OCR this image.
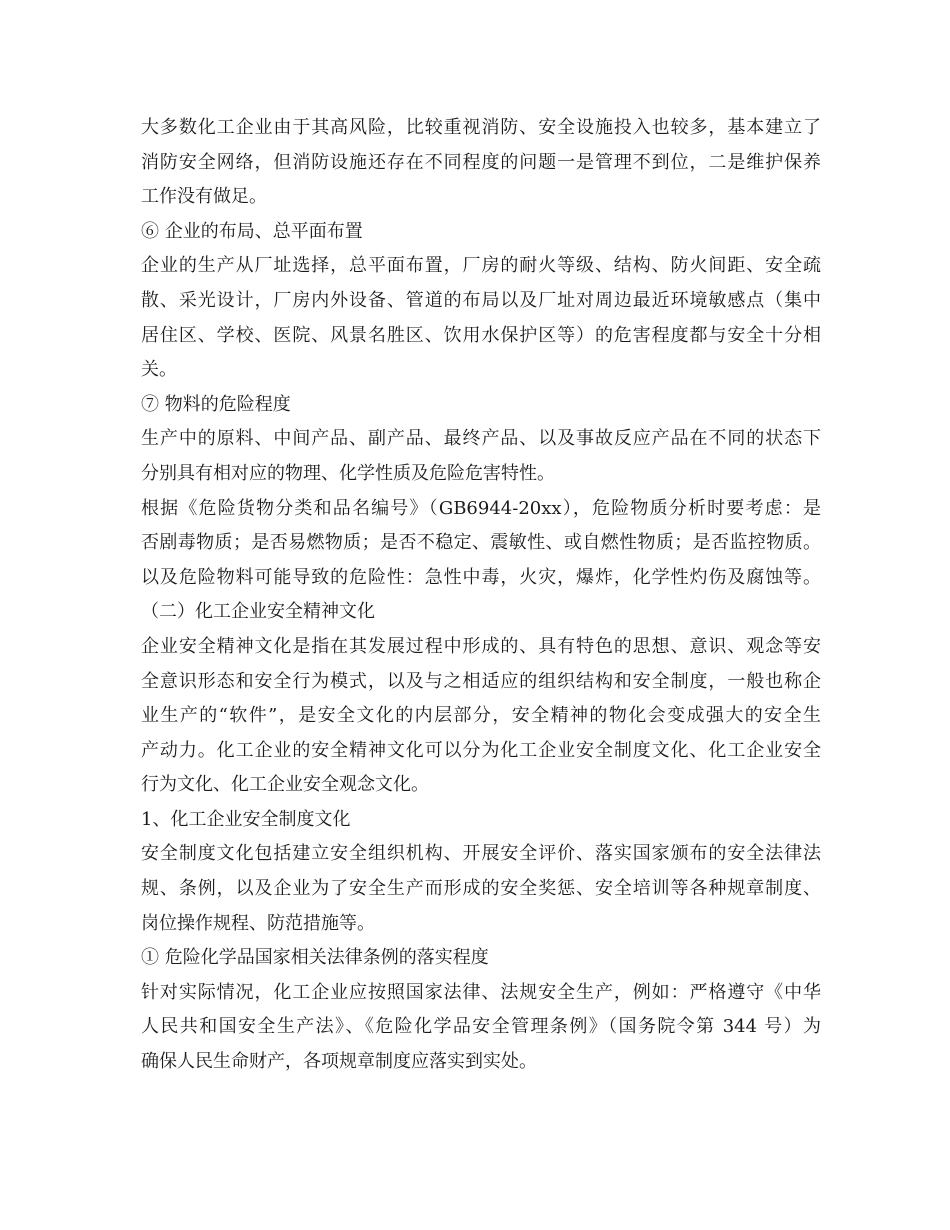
大多数化工企业由于其高风险，比较重视消防、安全设施投入也较多，基本建立了
消防安全网络，但消防设施还存在不同程度的问题一是管理不到位，二是维护保养
工作没有做足。
⑥ 企业的布局、总平面布置
企业的生产从厂址选择，总平面布置，厂房的耐火等级、结构、防火间距、安全疏
散、采光设计，厂房内外设备、管道的布局以及厂址对周边最近环境敏感点（集中
居住区、学校、医院、风景名胜区、饮用水保护区等）的危害程度都与安全十分相
关。
⑦ 物料的危险程度
生产中的原料、中间产品、副产品、最终产品、以及事故反应产品在不同的状态下
分别具有相对应的物理、化学性质及危险危害特性。
根据《危险货物分类和品名编号》（GB6944-20xx），危险物质分析时要考虑：是
否剧毒物质；是否易燃物质；是否不稳定、震敏性、或自燃性物质；是否监控物质。
以及危险物料可能导致的危险性：急性中毒，火灾，爆炸，化学性灼伤及腐蚀等。
（二）化工企业安全精神文化
企业安全精神文化是指在其发展过程中形成的、具有特色的思想、意识、观念等安
全意识形态和安全行为模式，以及与之相适应的组织结构和安全制度，一般也称企
业生产的“软件”，是安全文化的内层部分，安全精神的物化会变成强大的安全生
产动力。化工企业的安全精神文化可以分为化工企业安全制度文化、化工企业安全
行为文化、化工企业安全观念文化。
1、化工企业安全制度文化
安全制度文化包括建立安全组织机构、开展安全评价、落实国家颁布的安全法律法
规、条例，以及企业为了安全生产而形成的安全奖惩、安全培训等各种规章制度、
岗位操作规程、防范措施等。
① 危险化学品国家相关法律条例的落实程度
针对实际情况，化工企业应按照国家法律、法规安全生产，例如：严格遵守《中华
人民共和国安全生产法》、《危险化学品安全管理条例》（国务院令第 344 号）为
确保人民生命财产，各项规章制度应落实到实处。
